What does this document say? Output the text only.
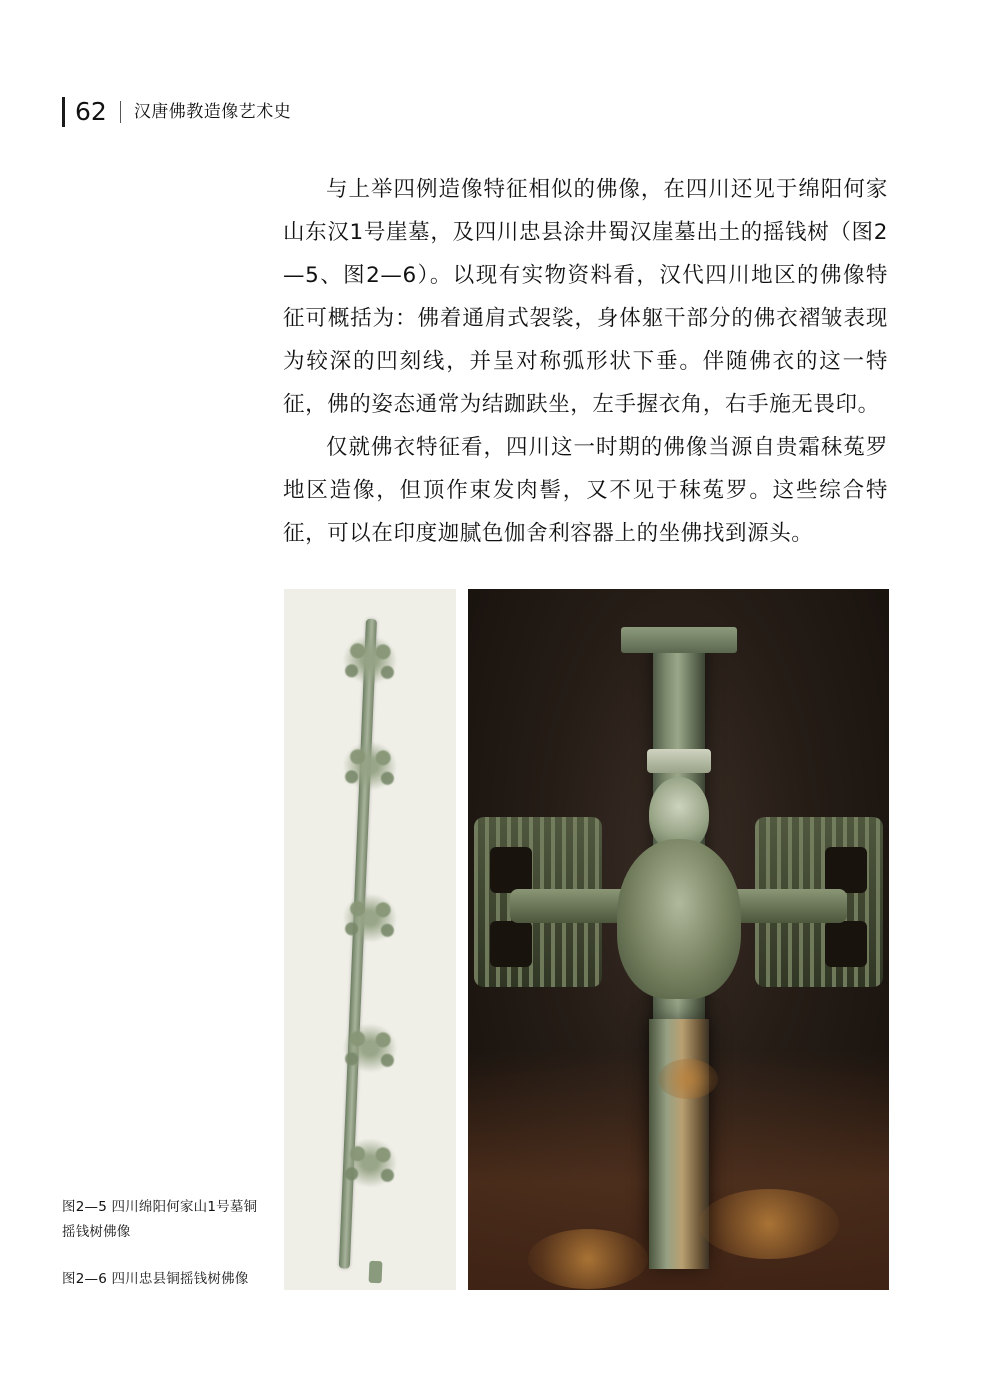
62 汉唐佛教造像艺术史

与上举四例造像特征相似的佛像，在四川还见于绵阳何家山东汉1号崖墓，及四川忠县涂井蜀汉崖墓出土的摇钱树（图2—5、图2—6）。以现有实物资料看，汉代四川地区的佛像特征可概括为：佛着通肩式袈裟，身体躯干部分的佛衣褶皱表现为较深的凹刻线，并呈对称弧形状下垂。伴随佛衣的这一特征，佛的姿态通常为结跏趺坐，左手握衣角，右手施无畏印。

仅就佛衣特征看，四川这一时期的佛像当源自贵霜秣菟罗地区造像，但顶作束发肉髻，又不见于秣菟罗。这些综合特征，可以在印度迦腻色伽舍利容器上的坐佛找到源头。

图2—5 四川绵阳何家山1号墓铜摇钱树佛像
图2—6 四川忠县铜摇钱树佛像
